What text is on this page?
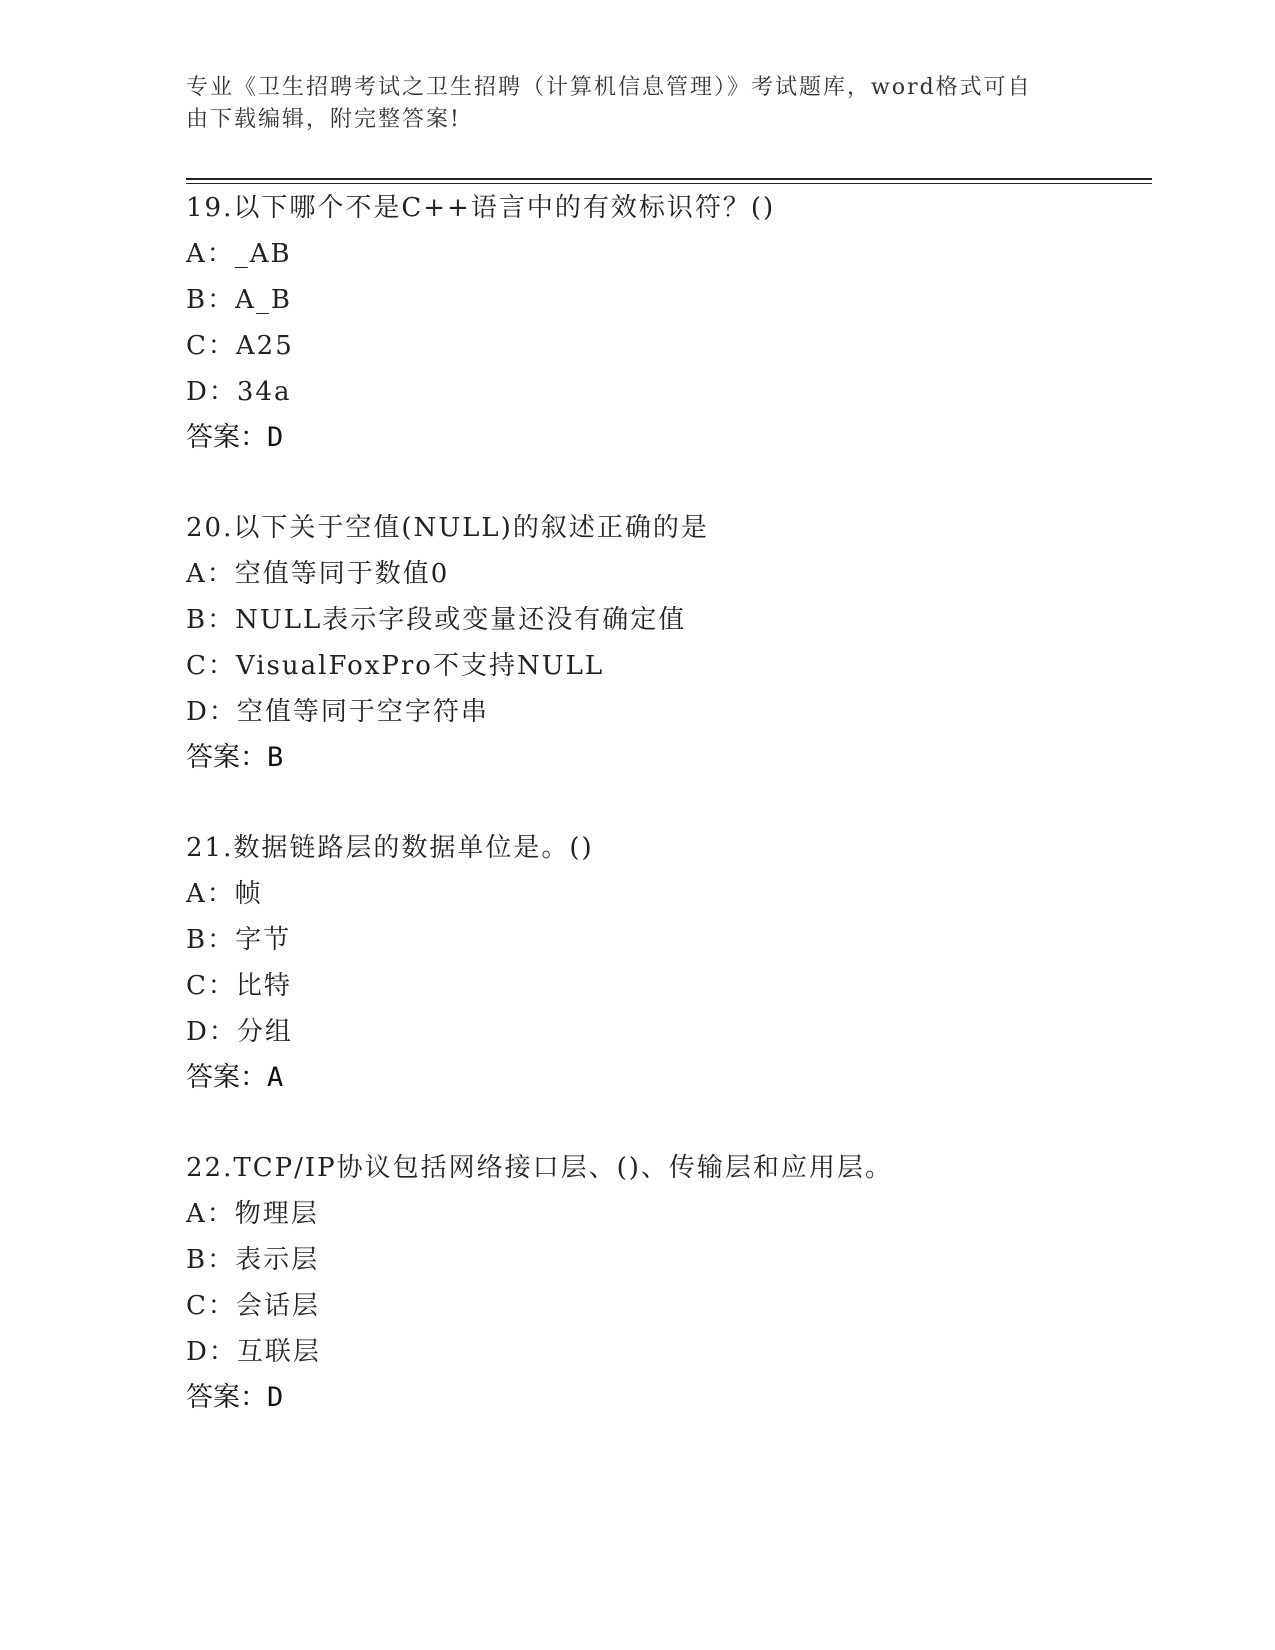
专业《卫生招聘考试之卫生招聘（计算机信息管理）》考试题库，word格式可自
由下载编辑，附完整答案!
19.以下哪个不是C++语言中的有效标识符？()
A：_AB
B：A_B
C：A25
D：34a
答案：D
20.以下关于空值(NULL)的叙述正确的是
A：空值等同于数值0
B：NULL表示字段或变量还没有确定值
C：VisualFoxPro不支持NULL
D：空值等同于空字符串
答案：B
21.数据链路层的数据单位是。()
A：帧
B：字节
C：比特
D：分组
答案：A
22.TCP/IP协议包括网络接口层、()、传输层和应用层。
A：物理层
B：表示层
C：会话层
D：互联层
答案：D
